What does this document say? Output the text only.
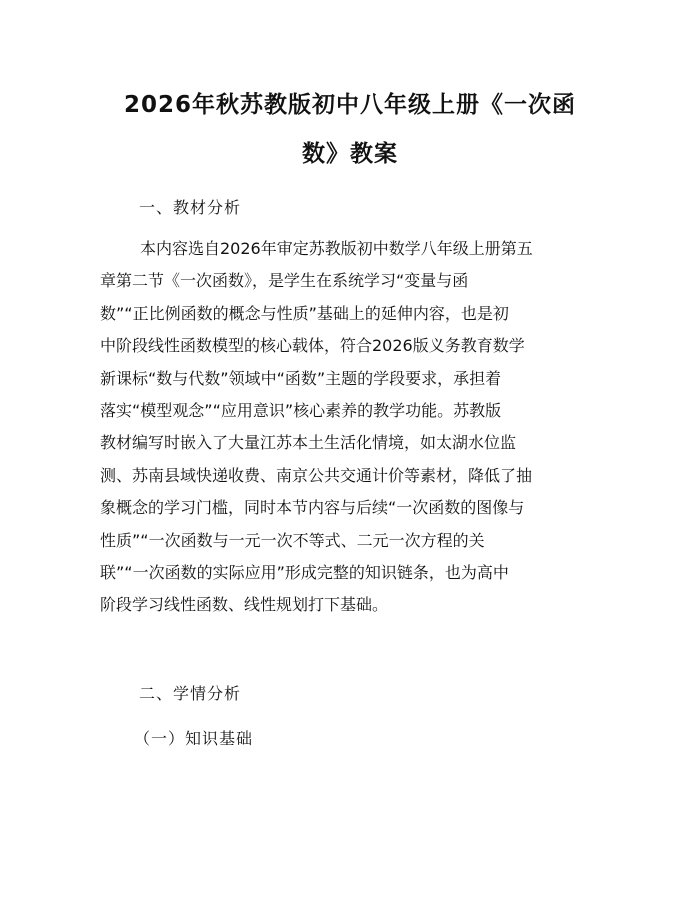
2026年秋苏教版初中八年级上册《一次函
数》教案
一、教材分析
本内容选自2026年审定苏教版初中数学八年级上册第五
章第二节《一次函数》，是学生在系统学习“变量与函
数”“正比例函数的概念与性质”基础上的延伸内容，也是初
中阶段线性函数模型的核心载体，符合2026版义务教育数学
新课标“数与代数”领域中“函数”主题的学段要求，承担着
落实“模型观念”“应用意识”核心素养的教学功能。苏教版
教材编写时嵌入了大量江苏本土生活化情境，如太湖水位监
测、苏南县域快递收费、南京公共交通计价等素材，降低了抽
象概念的学习门槛，同时本节内容与后续“一次函数的图像与
性质”“一次函数与一元一次不等式、二元一次方程的关
联”“一次函数的实际应用”形成完整的知识链条，也为高中
阶段学习线性函数、线性规划打下基础。
二、学情分析
（一）知识基础
